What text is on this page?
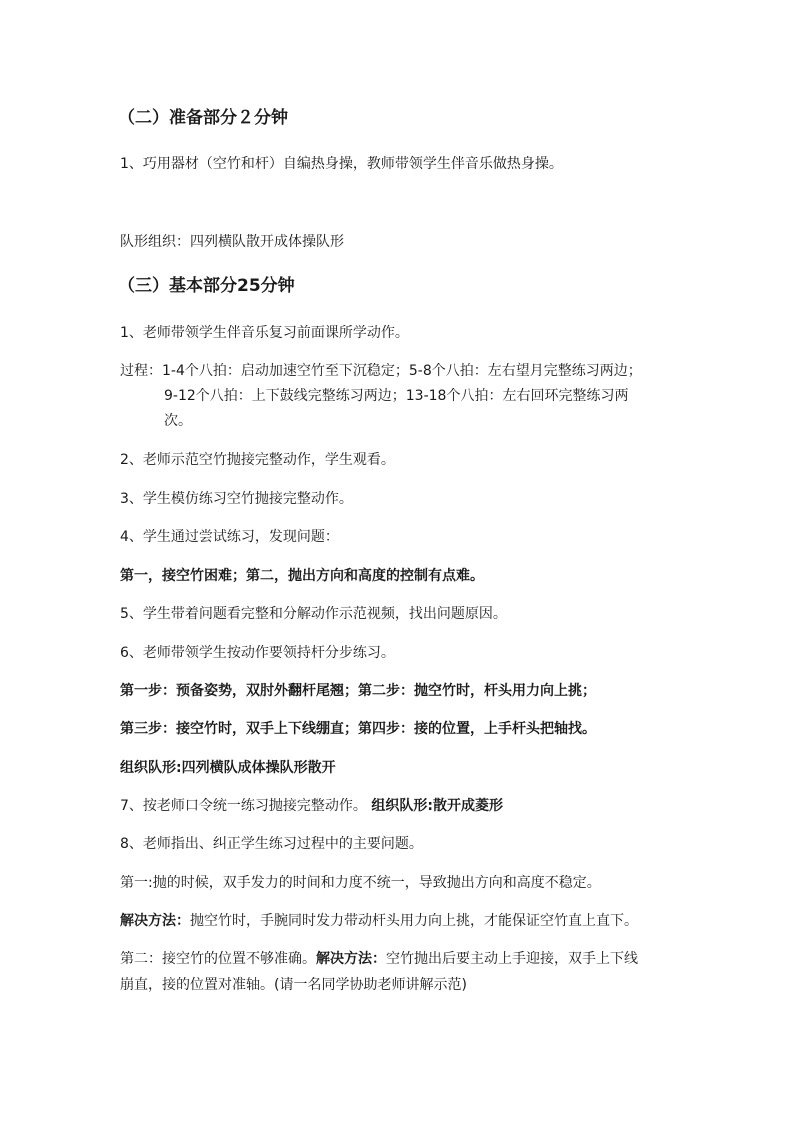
（二）准备部分２分钟
1、巧用器材（空竹和杆）自编热身操，教师带领学生伴音乐做热身操。
队形组织：四列横队散开成体操队形
（三）基本部分25分钟
1、老师带领学生伴音乐复习前面课所学动作。
过程：1-4个八拍：启动加速空竹至下沉稳定；5-8个八拍：左右望月完整练习两边；
9-12个八拍：上下鼓线完整练习两边；13-18个八拍：左右回环完整练习两
次。
2、老师示范空竹抛接完整动作，学生观看。
3、学生模仿练习空竹抛接完整动作。
4、学生通过尝试练习，发现问题：
第一，接空竹困难；第二，抛出方向和高度的控制有点难。
5、学生带着问题看完整和分解动作示范视频，找出问题原因。
6、老师带领学生按动作要领持杆分步练习。
第一步：预备姿势，双肘外翻杆尾翘；第二步：抛空竹时，杆头用力向上挑；
第三步：接空竹时，双手上下线绷直；第四步：接的位置，上手杆头把轴找。
组织队形:四列横队成体操队形散开
7、按老师口令统一练习抛接完整动作。 组织队形:散开成菱形
8、老师指出、纠正学生练习过程中的主要问题。
第一:抛的时候，双手发力的时间和力度不统一，导致抛出方向和高度不稳定。
解决方法：抛空竹时，手腕同时发力带动杆头用力向上挑，才能保证空竹直上直下。
第二：接空竹的位置不够准确。解决方法：空竹抛出后要主动上手迎接，双手上下线
崩直，接的位置对准轴。(请一名同学协助老师讲解示范)
